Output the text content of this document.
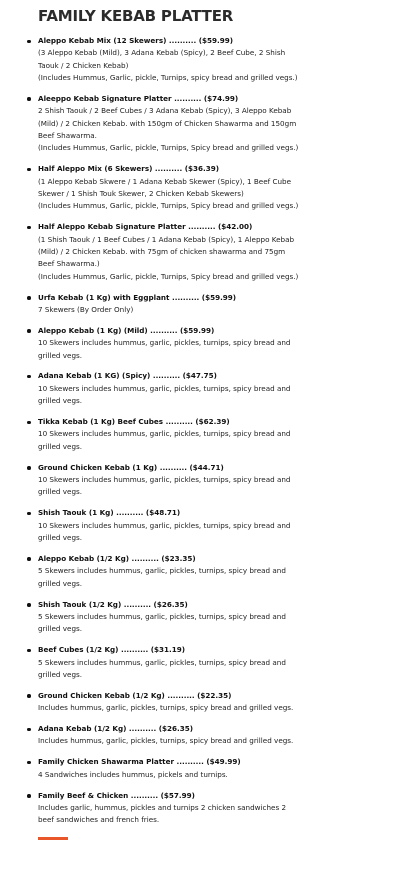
FAMILY KEBAB PLATTER
Aleppo Kebab Mix (12 Skewers) .......... ($59.99)
(3 Aleppo Kebab (Mild), 3 Adana Kebab (Spicy), 2 Beef Cube, 2 Shish Taouk / 2 Chicken Kebab)
(Includes Hummus, Garlic, pickle, Turnips, spicy bread and grilled vegs.)
Aleeppo Kebab Signature Platter .......... ($74.99)
2 Shish Taouk / 2 Beef Cubes / 3 Adana Kebab (Spicy), 3 Aleppo Kebab (Mild) / 2 Chicken Kebab. with 150gm of Chicken Shawarma and 150gm Beef Shawarma.
(Includes Hummus, Garlic, pickle, Turnips, Spicy bread and grilled vegs.)
Half Aleppo Mix (6 Skewers) .......... ($36.39)
(1 Aleppo Kebab Skwere / 1 Adana Kebab Skewer (Spicy), 1 Beef Cube Skewer / 1 Shish Touk Skewer, 2 Chicken Kebab Skewers)
(Includes Hummus, Garlic, pickle, Turnips, Spicy bread and grilled vegs.)
Half Aleppo Kebab Signature Platter .......... ($42.00)
(1 Shish Taouk / 1 Beef Cubes / 1 Adana Kebab (Spicy), 1 Aleppo Kebab (Mild) / 2 Chicken Kebab. with 75gm of chicken shawarma and 75gm Beef Shawarma.)
(Includes Hummus, Garlic, pickle, Turnips, Spicy bread and grilled vegs.)
Urfa Kebab (1 Kg) with Eggplant .......... ($59.99)
7 Skewers (By Order Only)
Aleppo Kebab (1 Kg) (Mild) .......... ($59.99)
10 Skewers includes hummus, garlic, pickles, turnips, spicy bread and grilled vegs.
Adana Kebab (1 KG) (Spicy) .......... ($47.75)
10 Skewers includes hummus, garlic, pickles, turnips, spicy bread and grilled vegs.
Tikka Kebab (1 Kg) Beef Cubes .......... ($62.39)
10 Skewers includes hummus, garlic, pickles, turnips, spicy bread and grilled vegs.
Ground Chicken Kebab (1 Kg) .......... ($44.71)
10 Skewers includes hummus, garlic, pickles, turnips, spicy bread and grilled vegs.
Shish Taouk (1 Kg) .......... ($48.71)
10 Skewers includes hummus, garlic, pickles, turnips, spicy bread and grilled vegs.
Aleppo Kebab (1/2 Kg) .......... ($23.35)
5 Skewers includes hummus, garlic, pickles, turnips, spicy bread and grilled vegs.
Shish Taouk (1/2 Kg) .......... ($26.35)
5 Skewers includes hummus, garlic, pickles, turnips, spicy bread and grilled vegs.
Beef Cubes (1/2 Kg) .......... ($31.19)
5 Skewers includes hummus, garlic, pickles, turnips, spicy bread and grilled vegs.
Ground Chicken Kebab (1/2 Kg) .......... ($22.35)
Includes hummus, garlic, pickles, turnips, spicy bread and grilled vegs.
Adana Kebab (1/2 Kg) .......... ($26.35)
Includes hummus, garlic, pickles, turnips, spicy bread and grilled vegs.
Family Chicken Shawarma Platter .......... ($49.99)
4 Sandwiches includes hummus, pickels and turnips.
Family Beef & Chicken .......... ($57.99)
Includes garlic, hummus, pickles and turnips 2 chicken sandwiches 2 beef sandwiches and french fries.
